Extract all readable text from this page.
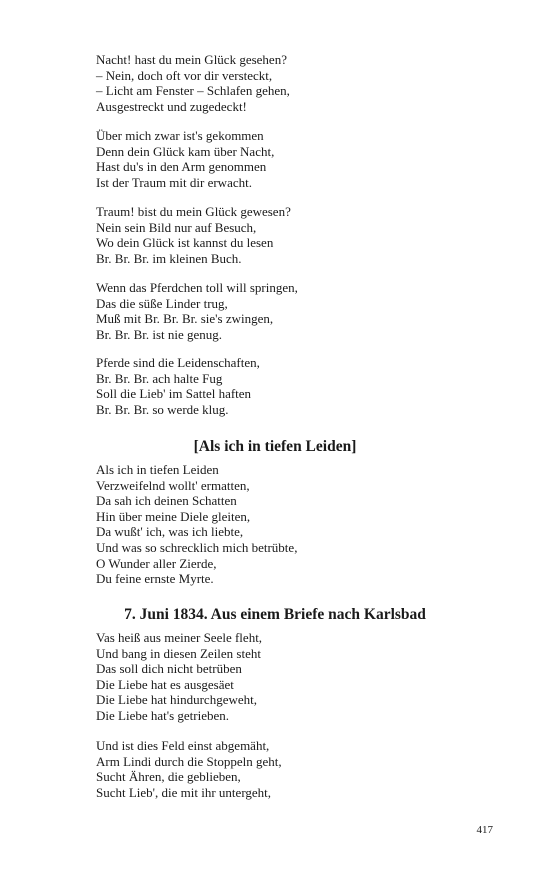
Nacht! hast du mein Glück gesehen?
– Nein, doch oft vor dir versteckt,
– Licht am Fenster – Schlafen gehen,
Ausgestreckt und zugedeckt!
Über mich zwar ist's gekommen
Denn dein Glück kam über Nacht,
Hast du's in den Arm genommen
Ist der Traum mit dir erwacht.
Traum! bist du mein Glück gewesen?
Nein sein Bild nur auf Besuch,
Wo dein Glück ist kannst du lesen
Br. Br. Br. im kleinen Buch.
Wenn das Pferdchen toll will springen,
Das die süße Linder trug,
Muß mit Br. Br. Br. sie's zwingen,
Br. Br. Br. ist nie genug.
Pferde sind die Leidenschaften,
Br. Br. Br. ach halte Fug
Soll die Lieb' im Sattel haften
Br. Br. Br. so werde klug.
[Als ich in tiefen Leiden]
Als ich in tiefen Leiden
Verzweifelnd wollt' ermatten,
Da sah ich deinen Schatten
Hin über meine Diele gleiten,
Da wußt' ich, was ich liebte,
Und was so schrecklich mich betrübte,
O Wunder aller Zierde,
Du feine ernste Myrte.
7. Juni 1834. Aus einem Briefe nach Karlsbad
Vas heiß aus meiner Seele fleht,
Und bang in diesen Zeilen steht
Das soll dich nicht betrüben
Die Liebe hat es ausgesäet
Die Liebe hat hindurchgeweht,
Die Liebe hat's getrieben.
Und ist dies Feld einst abgemäht,
Arm Lindi durch die Stoppeln geht,
Sucht Ähren, die geblieben,
Sucht Lieb', die mit ihr untergeht,
417
